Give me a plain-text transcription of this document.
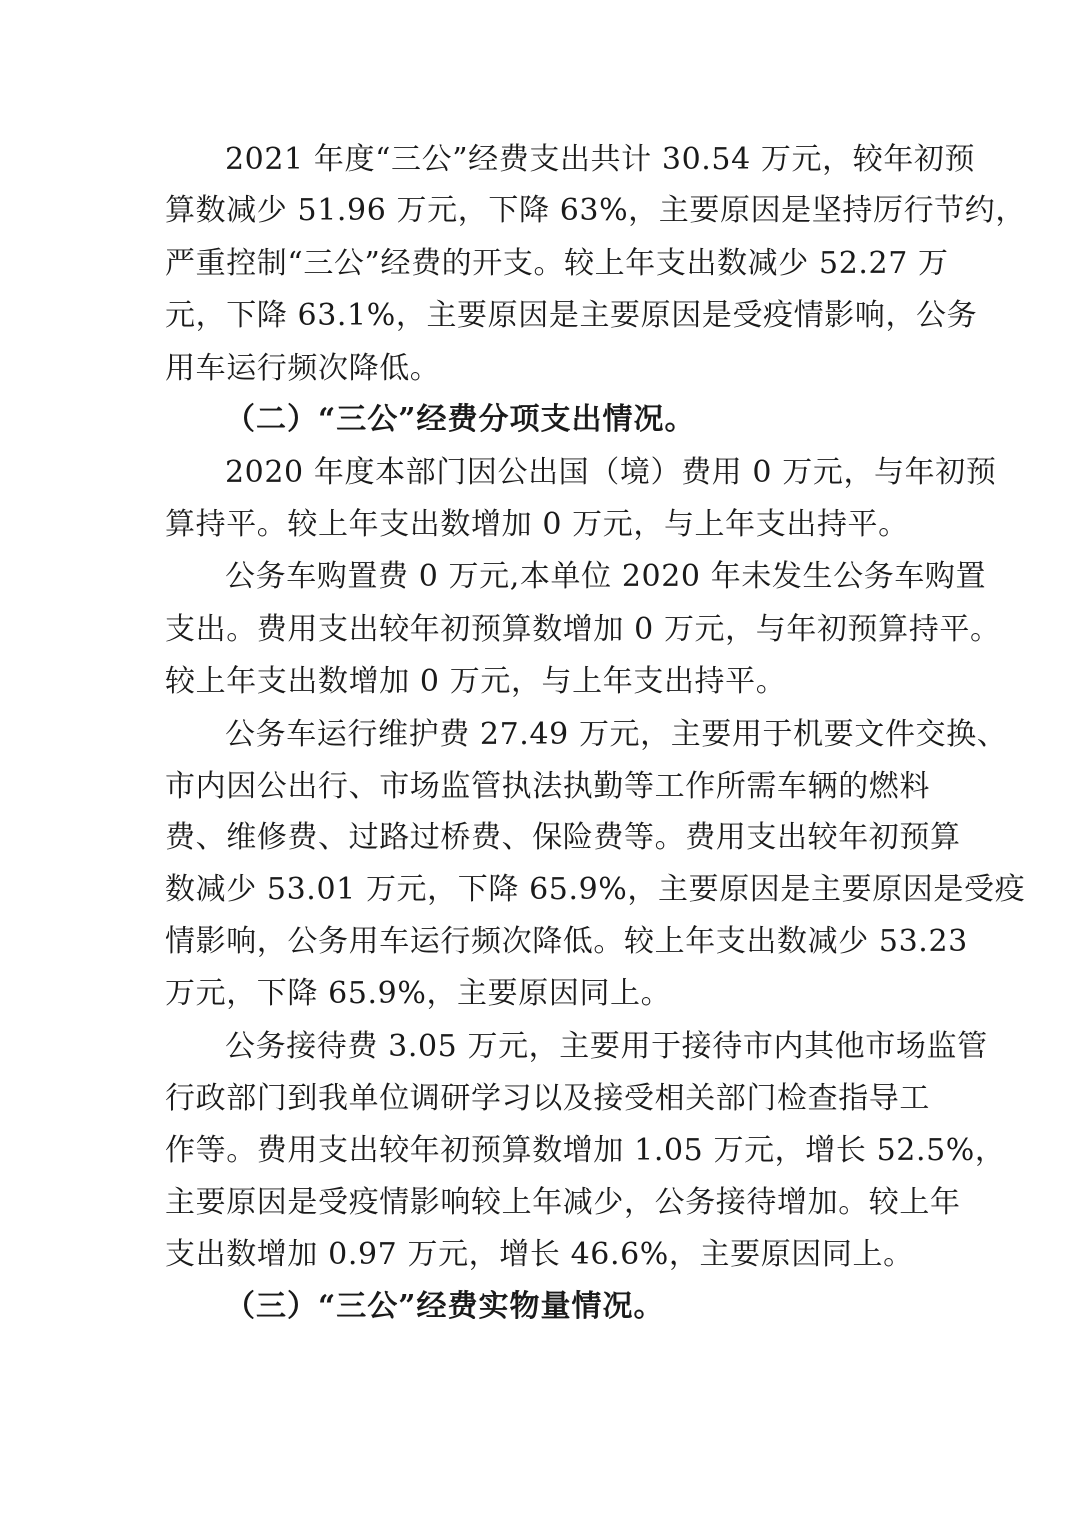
2021 年度“三公”经费支出共计 30.54 万元，较年初预
算数减少 51.96 万元，下降 63%，主要原因是坚持厉行节约，
严重控制“三公”经费的开支。较上年支出数减少 52.27 万
元，下降 63.1%，主要原因是主要原因是受疫情影响，公务
用车运行频次降低。
（二）“三公”经费分项支出情况。
2020 年度本部门因公出国（境）费用 0 万元，与年初预
算持平。较上年支出数增加 0 万元，与上年支出持平。
公务车购置费 0 万元,本单位 2020 年未发生公务车购置
支出。费用支出较年初预算数增加 0 万元，与年初预算持平。
较上年支出数增加 0 万元，与上年支出持平。
公务车运行维护费 27.49 万元，主要用于机要文件交换、
市内因公出行、市场监管执法执勤等工作所需车辆的燃料
费、维修费、过路过桥费、保险费等。费用支出较年初预算
数减少 53.01 万元，下降 65.9%，主要原因是主要原因是受疫
情影响，公务用车运行频次降低。较上年支出数减少 53.23
万元，下降 65.9%，主要原因同上。
公务接待费 3.05 万元，主要用于接待市内其他市场监管
行政部门到我单位调研学习以及接受相关部门检查指导工
作等。费用支出较年初预算数增加 1.05 万元，增长 52.5%，
主要原因是受疫情影响较上年减少，公务接待增加。较上年
支出数增加 0.97 万元，增长 46.6%，主要原因同上。
（三）“三公”经费实物量情况。
